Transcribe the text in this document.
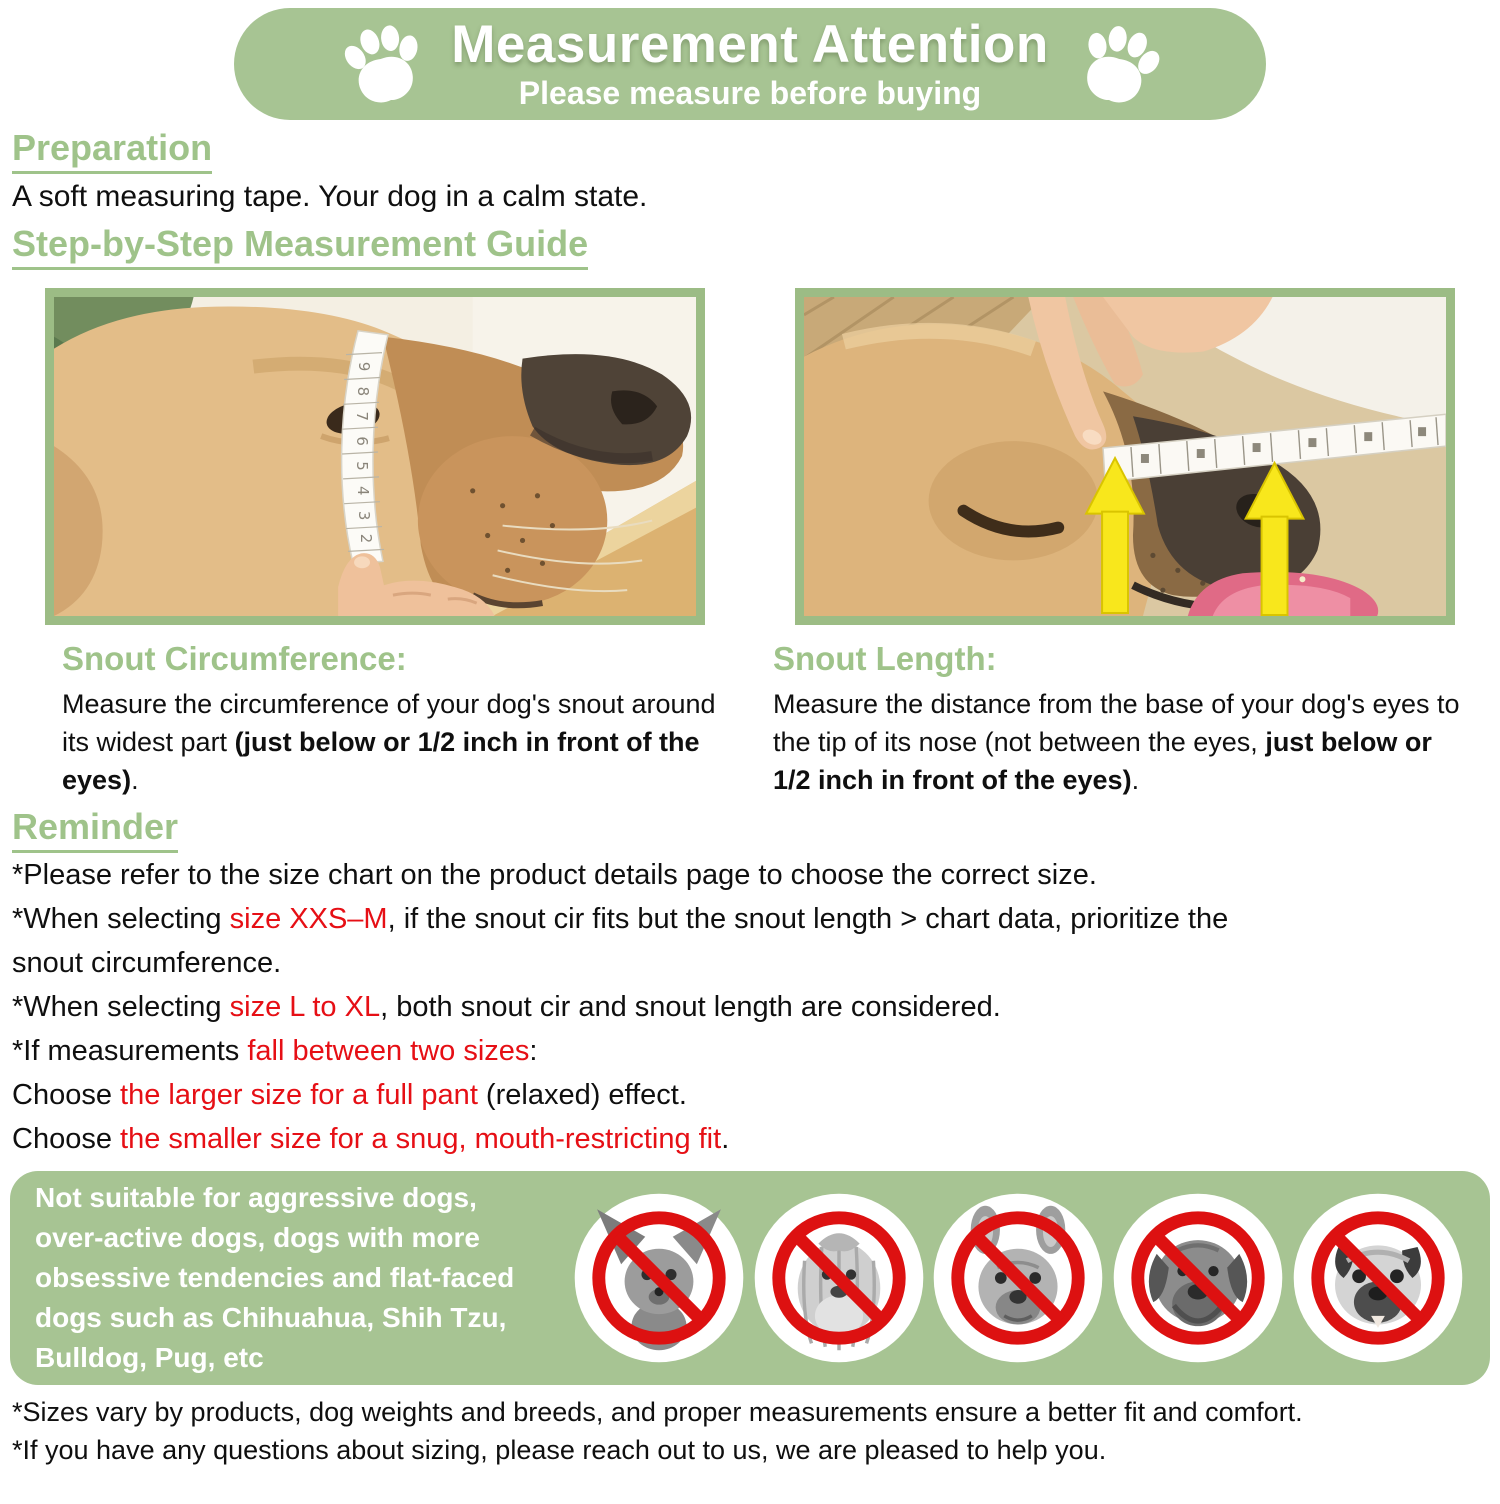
Measurement Attention
Please measure before buying
Preparation

A soft measuring tape. Your dog in a calm state.

Step-by-Step Measurement Guide
9
8
7
6
5
4
3
2
Snout Circumference:

Measure the circumference of your dog's snout around its widest part (just below or 1/2 inch in front of the eyes).

Snout Length:

Measure the distance from the base of your dog's eyes to the tip of its nose (not between the eyes, just below or 1/2 inch in front of the eyes).

Reminder

*Please refer to the size chart on the product details page to choose the correct size.

*When selecting size XXS–M, if the snout cir fits but the snout length > chart data, prioritize the

snout circumference.

*When selecting size L to XL, both snout cir and snout length are considered.

*If measurements fall between two sizes:

Choose the larger size for a full pant (relaxed) effect.

Choose the smaller size for a snug, mouth-restricting fit.

Not suitable for aggressive dogs,
over-active dogs, dogs with more
obsessive tendencies and flat-faced
dogs such as Chihuahua, Shih Tzu,
Bulldog, Pug, etc

*Sizes vary by products, dog weights and breeds, and proper measurements ensure a better fit and comfort.

*If you have any questions about sizing, please reach out to us, we are pleased to help you.
